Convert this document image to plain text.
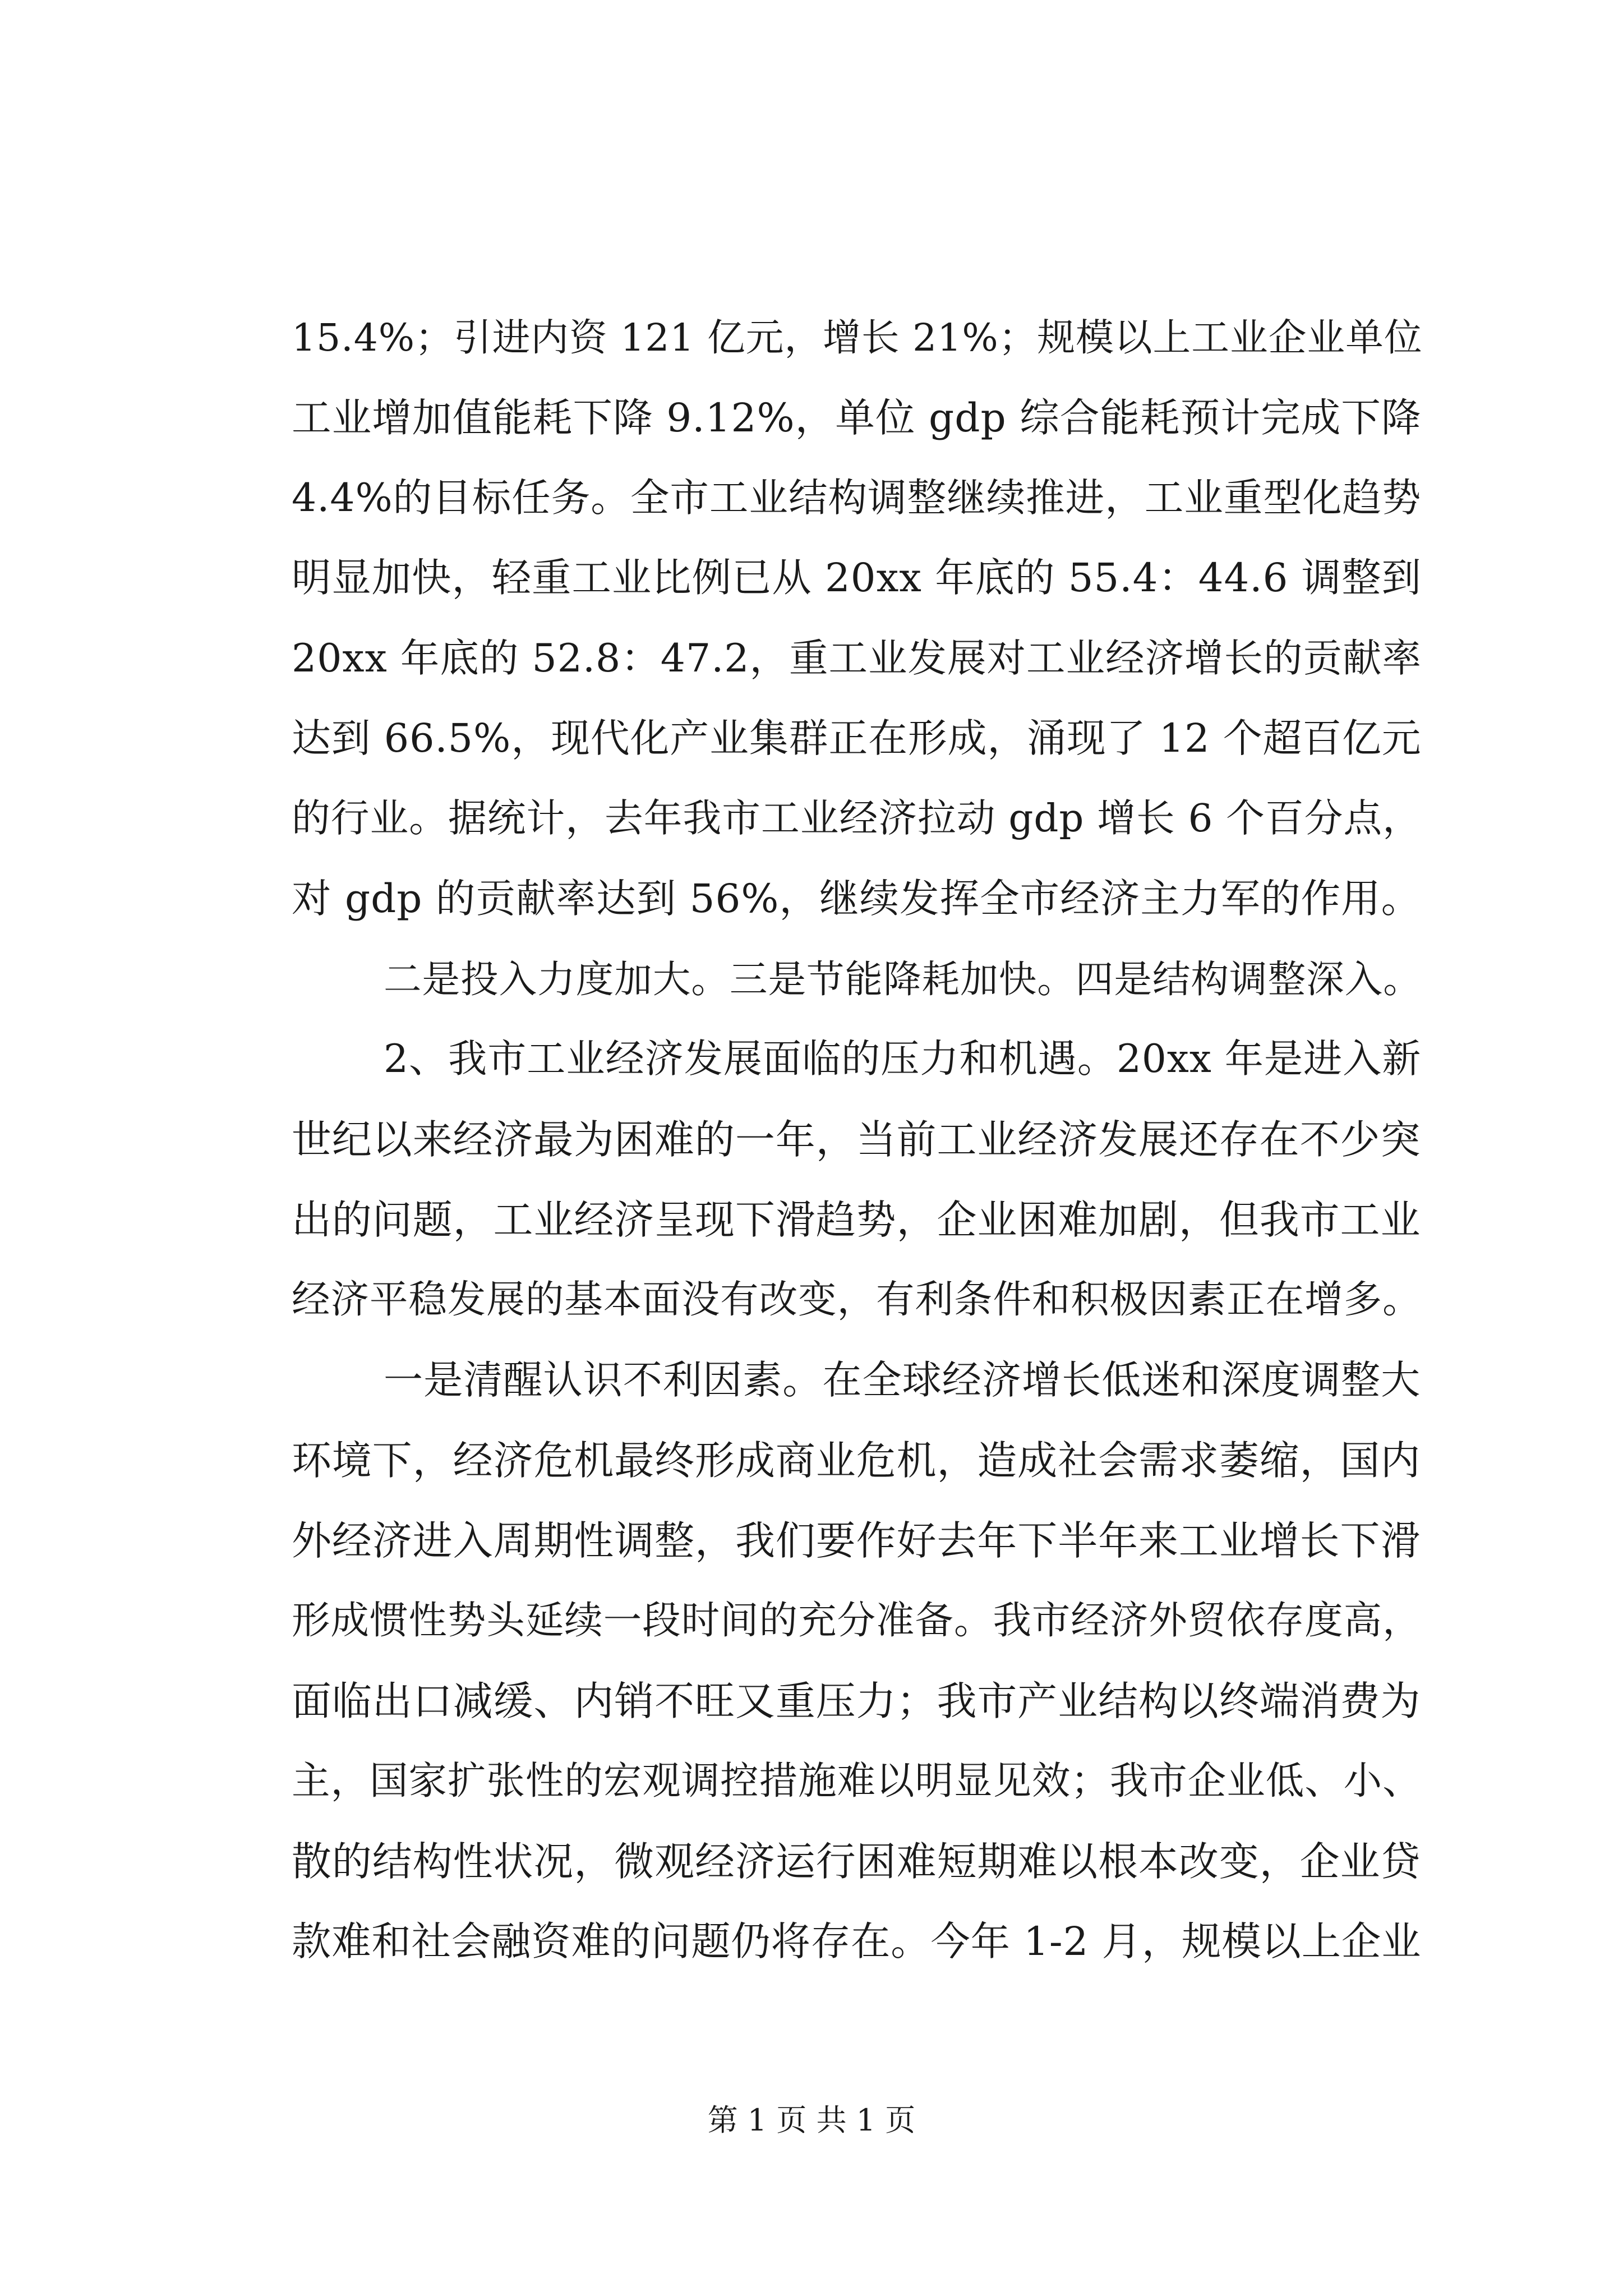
15.4%；引进内资 121 亿元，增长 21%；规模以上工业企业单位

工业增加值能耗下降 9.12%，单位 gdp 综合能耗预计完成下降

4.4%的目标任务。全市工业结构调整继续推进，工业重型化趋势

明显加快，轻重工业比例已从 20xx 年底的 55.4：44.6 调整到

20xx 年底的 52.8：47.2，重工业发展对工业经济增长的贡献率

达到 66.5%，现代化产业集群正在形成，涌现了 12 个超百亿元

的行业。据统计，去年我市工业经济拉动 gdp 增长 6 个百分点，

对 gdp 的贡献率达到 56%，继续发挥全市经济主力军的作用。

二是投入力度加大。三是节能降耗加快。四是结构调整深入。

2、我市工业经济发展面临的压力和机遇。20xx 年是进入新

世纪以来经济最为困难的一年，当前工业经济发展还存在不少突

出的问题，工业经济呈现下滑趋势，企业困难加剧，但我市工业

经济平稳发展的基本面没有改变，有利条件和积极因素正在增多。

一是清醒认识不利因素。在全球经济增长低迷和深度调整大

环境下，经济危机最终形成商业危机，造成社会需求萎缩，国内

外经济进入周期性调整，我们要作好去年下半年来工业增长下滑

形成惯性势头延续一段时间的充分准备。我市经济外贸依存度高，

面临出口减缓、内销不旺又重压力；我市产业结构以终端消费为

主，国家扩张性的宏观调控措施难以明显见效；我市企业低、小、

散的结构性状况，微观经济运行困难短期难以根本改变，企业贷

款难和社会融资难的问题仍将存在。今年 1-2 月，规模以上企业

第 1 页 共 1 页
